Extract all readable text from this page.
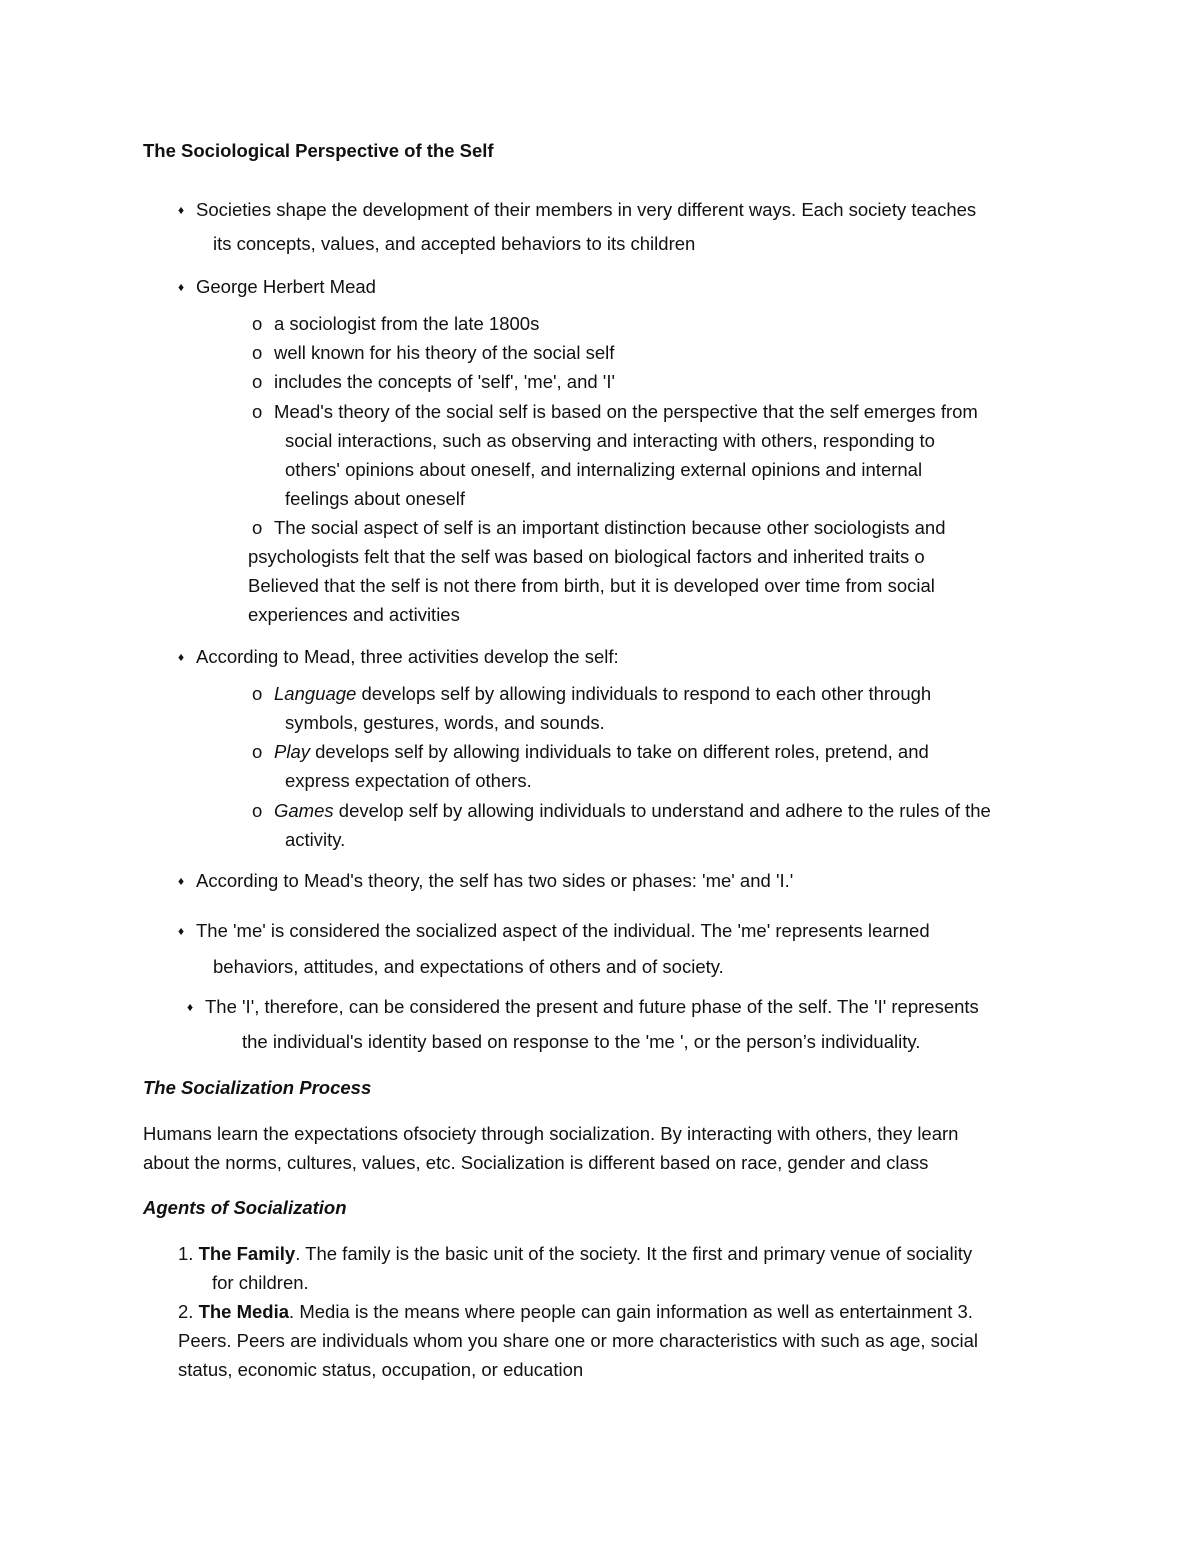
The Sociological Perspective of the Self

♦ Societies shape the development of their members in very different ways. Each society teaches

its concepts, values, and accepted behaviors to its children

♦ George Herbert Mead

o a sociologist from the late 1800s

o well known for his theory of the social self

o includes the concepts of 'self', 'me', and 'I'

o Mead's theory of the social self is based on the perspective that the self emerges from

social interactions, such as observing and interacting with others, responding to

others' opinions about oneself, and internalizing external opinions and internal

feelings about oneself

o The social aspect of self is an important distinction because other sociologists and

psychologists felt that the self was based on biological factors and inherited traits o

Believed that the self is not there from birth, but it is developed over time from social

experiences and activities

♦ According to Mead, three activities develop the self:

o Language develops self by allowing individuals to respond to each other through

symbols, gestures, words, and sounds.

o Play develops self by allowing individuals to take on different roles, pretend, and

express expectation of others.

o Games develop self by allowing individuals to understand and adhere to the rules of the

activity.

♦ According to Mead's theory, the self has two sides or phases: 'me' and 'I.'

♦ The 'me' is considered the socialized aspect of the individual. The 'me' represents learned

behaviors, attitudes, and expectations of others and of society.

♦ The 'I', therefore, can be considered the present and future phase of the self. The 'I' represents

the individual's identity based on response to the 'me ', or the person’s individuality.

The Socialization Process

Humans learn the expectations ofsociety through socialization. By interacting with others, they learn

about the norms, cultures, values, etc. Socialization is different based on race, gender and class

Agents of Socialization

1. The Family. The family is the basic unit of the society. It the first and primary venue of sociality

for children.

2. The Media. Media is the means where people can gain information as well as entertainment 3.

Peers. Peers are individuals whom you share one or more characteristics with such as age, social

status, economic status, occupation, or education
